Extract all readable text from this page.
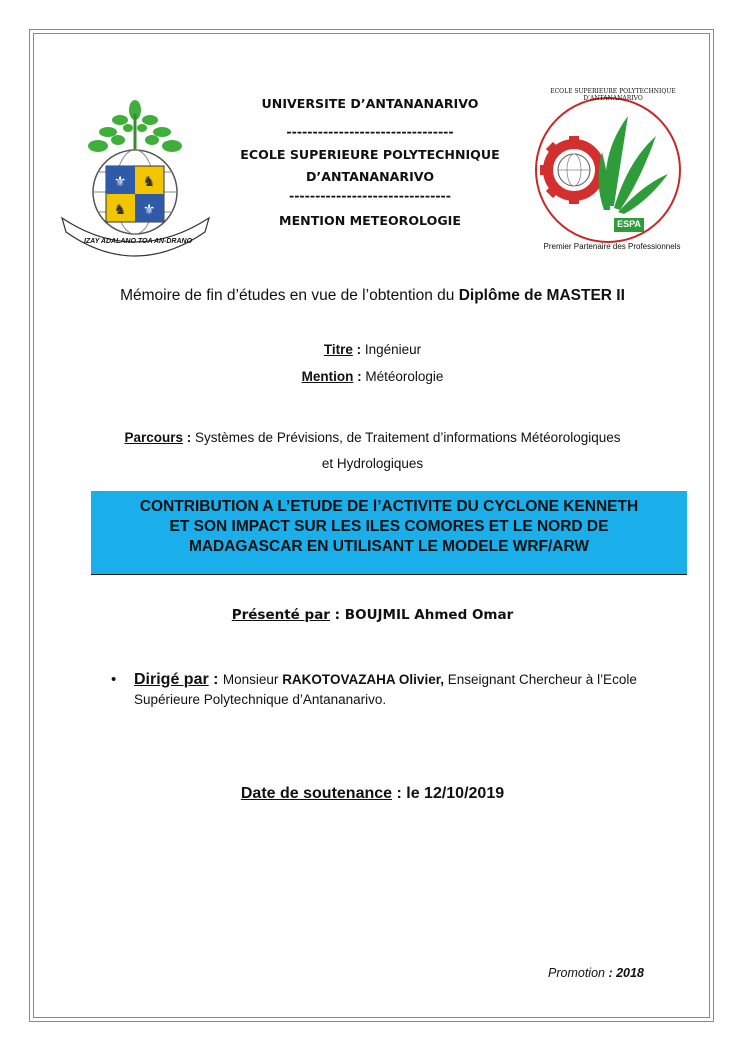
⚜
⚜
♞
♞
IZAY ADALANO TOA AN-DRANO
ECOLE SUPERIEURE POLYTECHNIQUE D’ANTANANARIVO
ESPA
Premier Partenaire des Professionnels
UNIVERSITE D’ANTANANARIVO
--------------------------------
ECOLE SUPERIEURE POLYTECHNIQUE
D’ANTANANARIVO
-------------------------------
MENTION METEOROLOGIE
Mémoire de fin d’études en vue de l’obtention du Diplôme de MASTER II
Titre : Ingénieur
Mention : Météorologie
Parcours : Systèmes de Prévisions, de Traitement d’informations Météorologiques
et Hydrologiques
CONTRIBUTION A L’ETUDE DE l’ACTIVITE DU CYCLONE KENNETH
ET SON IMPACT SUR LES ILES COMORES ET LE NORD DE
MADAGASCAR EN UTILISANT LE MODELE WRF/ARW
Présenté par : BOUJMIL Ahmed Omar
• Dirigé par : Monsieur RAKOTOVAZAHA Olivier, Enseignant Chercheur à l’Ecole Supérieure Polytechnique d’Antananarivo.
Date de soutenance : le 12/10/2019
Promotion : 2018
